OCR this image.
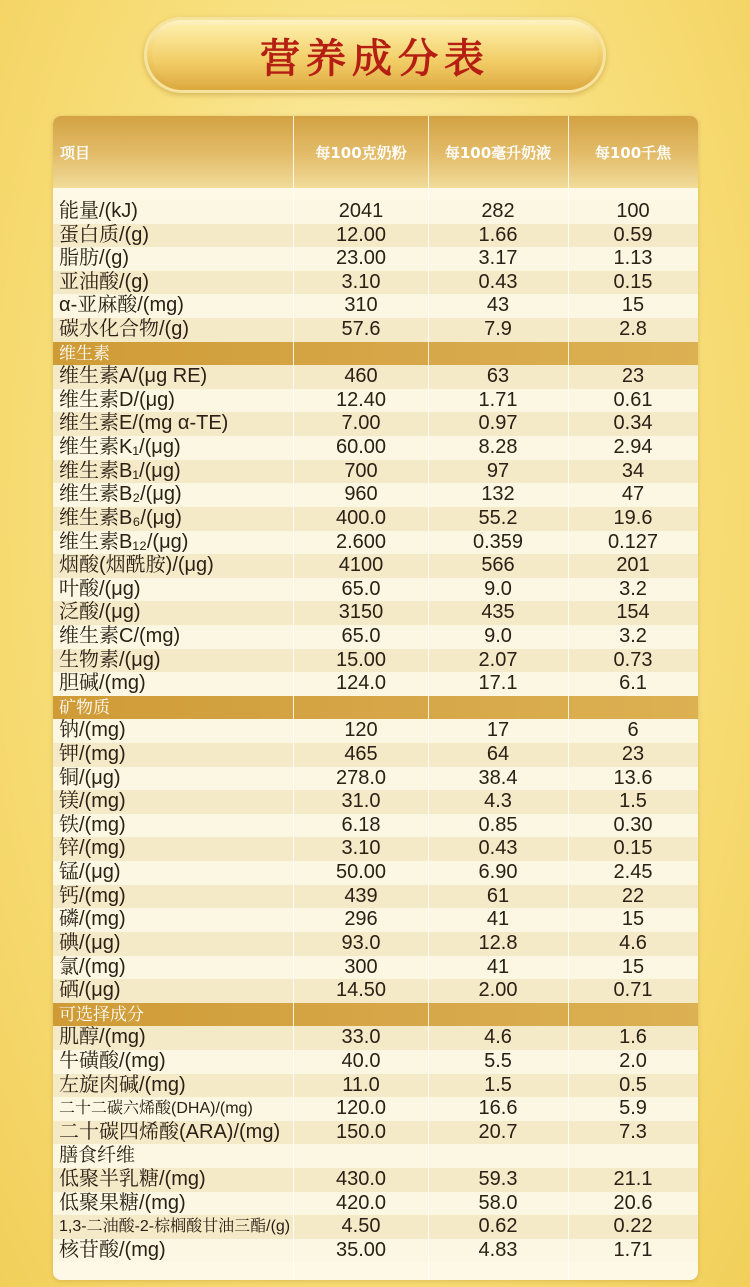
营养成分表
项目	每100克奶粉	每100毫升奶液	每100千焦
能量/(kJ)	2041	282	100
蛋白质/(g)	12.00	1.66	0.59
脂肪/(g)	23.00	3.17	1.13
亚油酸/(g)	3.10	0.43	0.15
α-亚麻酸/(mg)	310	43	15
碳水化合物/(g)	57.6	7.9	2.8
维生素
维生素A/(μg RE)	460	63	23
维生素D/(μg)	12.40	1.71	0.61
维生素E/(mg α-TE)	7.00	0.97	0.34
维生素K₁/(μg)	60.00	8.28	2.94
维生素B₁/(μg)	700	97	34
维生素B₂/(μg)	960	132	47
维生素B₆/(μg)	400.0	55.2	19.6
维生素B₁₂/(μg)	2.600	0.359	0.127
烟酸(烟酰胺)/(μg)	4100	566	201
叶酸/(μg)	65.0	9.0	3.2
泛酸/(μg)	3150	435	154
维生素C/(mg)	65.0	9.0	3.2
生物素/(μg)	15.00	2.07	0.73
胆碱/(mg)	124.0	17.1	6.1
矿物质
钠/(mg)	120	17	6
钾/(mg)	465	64	23
铜/(μg)	278.0	38.4	13.6
镁/(mg)	31.0	4.3	1.5
铁/(mg)	6.18	0.85	0.30
锌/(mg)	3.10	0.43	0.15
锰/(μg)	50.00	6.90	2.45
钙/(mg)	439	61	22
磷/(mg)	296	41	15
碘/(μg)	93.0	12.8	4.6
氯/(mg)	300	41	15
硒/(μg)	14.50	2.00	0.71
可选择成分
肌醇/(mg)	33.0	4.6	1.6
牛磺酸/(mg)	40.0	5.5	2.0
左旋肉碱/(mg)	11.0	1.5	0.5
二十二碳六烯酸(DHA)/(mg)	120.0	16.6	5.9
二十碳四烯酸(ARA)/(mg)	150.0	20.7	7.3
膳食纤维
低聚半乳糖/(mg)	430.0	59.3	21.1
低聚果糖/(mg)	420.0	58.0	20.6
1,3-二油酸-2-棕榈酸甘油三酯/(g)	4.50	0.62	0.22
核苷酸/(mg)	35.00	4.83	1.71
